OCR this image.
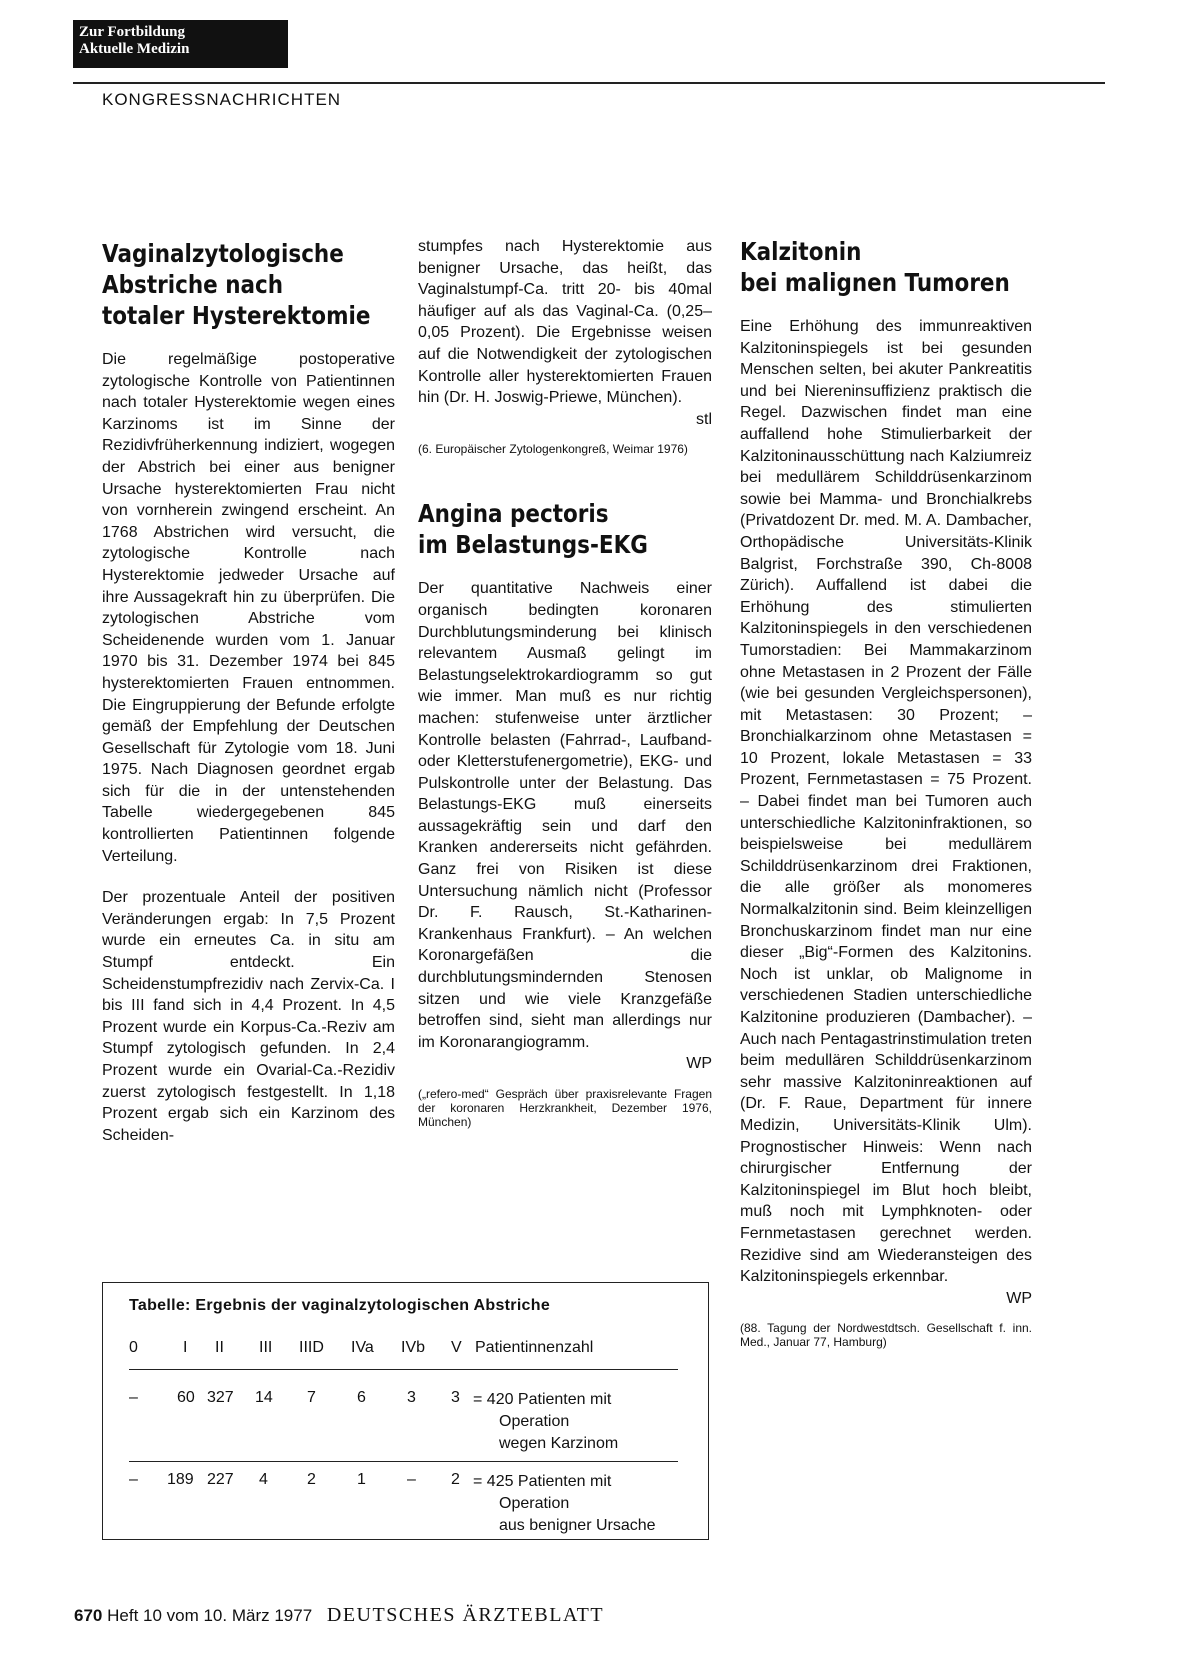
Zur Fortbildung
Aktuelle Medizin
KONGRESSNACHRICHTEN
Vaginalzytologische
Abstriche nach
totaler Hysterektomie

Die regelmäßige postoperative zytologische Kontrolle von Patientinnen nach totaler Hysterektomie wegen eines Karzinoms ist im Sinne der Rezidivfrüherkennung indiziert, wogegen der Abstrich bei einer aus benigner Ursache hysterektomierten Frau nicht von vornherein zwingend erscheint. An 1768 Abstrichen wird versucht, die zytologische Kontrolle nach Hysterektomie jedweder Ursache auf ihre Aussagekraft hin zu überprüfen. Die zytologischen Abstriche vom Scheidenende wurden vom 1. Januar 1970 bis 31. Dezember 1974 bei 845 hysterektomierten Frauen entnommen. Die Eingruppierung der Befunde erfolgte gemäß der Empfehlung der Deutschen Gesellschaft für Zytologie vom 18. Juni 1975. Nach Diagnosen geordnet ergab sich für die in der untenstehenden Tabelle wiedergegebenen 845 kontrollierten Patientinnen folgende Verteilung.

Der prozentuale Anteil der positiven Veränderungen ergab: In 7,5 Prozent wurde ein erneutes Ca. in situ am Stumpf entdeckt. Ein Scheidenstumpfrezidiv nach Zervix-Ca. I bis III fand sich in 4,4 Prozent. In 4,5 Prozent wurde ein Korpus-Ca.-Reziv am Stumpf zytologisch gefunden. In 2,4 Prozent wurde ein Ovarial-Ca.-Rezidiv zuerst zytologisch festgestellt. In 1,18 Prozent ergab sich ein Karzinom des Scheiden-

stumpfes nach Hysterektomie aus benigner Ursache, das heißt, das Vaginalstumpf-Ca. tritt 20- bis 40mal häufiger auf als das Vaginal-Ca. (0,25–0,05 Prozent). Die Ergebnisse weisen auf die Notwendigkeit der zytologischen Kontrolle aller hysterektomierten Frauen hin (Dr. H. Joswig-Priewe, München).

stl

(6. Europäischer Zytologenkongreß, Weimar 1976)

Angina pectoris
im Belastungs-EKG

Der quantitative Nachweis einer organisch bedingten koronaren Durchblutungsminderung bei klinisch relevantem Ausmaß gelingt im Belastungselektrokardiogramm so gut wie immer. Man muß es nur richtig machen: stufenweise unter ärztlicher Kontrolle belasten (Fahrrad-, Laufband- oder Kletterstufenergometrie), EKG- und Pulskontrolle unter der Belastung. Das Belastungs-EKG muß einerseits aussagekräftig sein und darf den Kranken andererseits nicht gefährden. Ganz frei von Risiken ist diese Untersuchung nämlich nicht (Professor Dr. F. Rausch, St.-Katharinen-Krankenhaus Frankfurt). – An welchen Koronargefäßen die durchblutungsmindernden Stenosen sitzen und wie viele Kranzgefäße betroffen sind, sieht man allerdings nur im Koronarangiogramm.

WP

(„refero-med“ Gespräch über praxisrelevante Fragen der koronaren Herzkrankheit, Dezember 1976, München)

Kalzitonin
bei malignen Tumoren

Eine Erhöhung des immunreaktiven Kalzitoninspiegels ist bei gesunden Menschen selten, bei akuter Pankreatitis und bei Niereninsuffizienz praktisch die Regel. Dazwischen findet man eine auffallend hohe Stimulierbarkeit der Kalzitoninausschüttung nach Kalziumreiz bei medullärem Schilddrüsenkarzinom sowie bei Mamma- und Bronchialkrebs (Privatdozent Dr. med. M. A. Dambacher, Orthopädische Universitäts-Klinik Balgrist, Forchstraße 390, Ch-8008 Zürich). Auffallend ist dabei die Erhöhung des stimulierten Kalzitoninspiegels in den verschiedenen Tumorstadien: Bei Mammakarzinom ohne Metastasen in 2 Prozent der Fälle (wie bei gesunden Vergleichspersonen), mit Metastasen: 30 Prozent; – Bronchialkarzinom ohne Metastasen = 10 Prozent, lokale Metastasen = 33 Prozent, Fernmetastasen = 75 Prozent. – Dabei findet man bei Tumoren auch unterschiedliche Kalzitoninfraktionen, so beispielsweise bei medullärem Schilddrüsenkarzinom drei Fraktionen, die alle größer als monomeres Normalkalzitonin sind. Beim kleinzelligen Bronchuskarzinom findet man nur eine dieser „Big“-Formen des Kalzitonins. Noch ist unklar, ob Malignome in verschiedenen Stadien unterschiedliche Kalzitonine produzieren (Dambacher). – Auch nach Pentagastrinstimulation treten beim medullären Schilddrüsenkarzinom sehr massive Kalzitoninreaktionen auf (Dr. F. Raue, Department für innere Medizin, Universitäts-Klinik Ulm). Prognostischer Hinweis: Wenn nach chirurgischer Entfernung der Kalzitoninspiegel im Blut hoch bleibt, muß noch mit Lymphknoten- oder Fernmetastasen gerechnet werden. Rezidive sind am Wiederansteigen des Kalzitoninspiegels erkennbar.

WP

(88. Tagung der Nordwestdtsch. Gesellschaft f. inn. Med., Januar 77, Hamburg)

Tabelle: Ergebnis der vaginalzytologischen Abstriche
0	I II III IIID IVa IVb V Patientinnenzahl
– 60 327 14 7	6	3 3 = 420 Patienten mit
Operation
wegen Karzinom
– 189 227 4 2	1	– 2 = 425 Patienten mit
Operation
aus benigner Ursache
670 Heft 10 vom 10. März 1977 DEUTSCHES ÄRZTEBLATT
